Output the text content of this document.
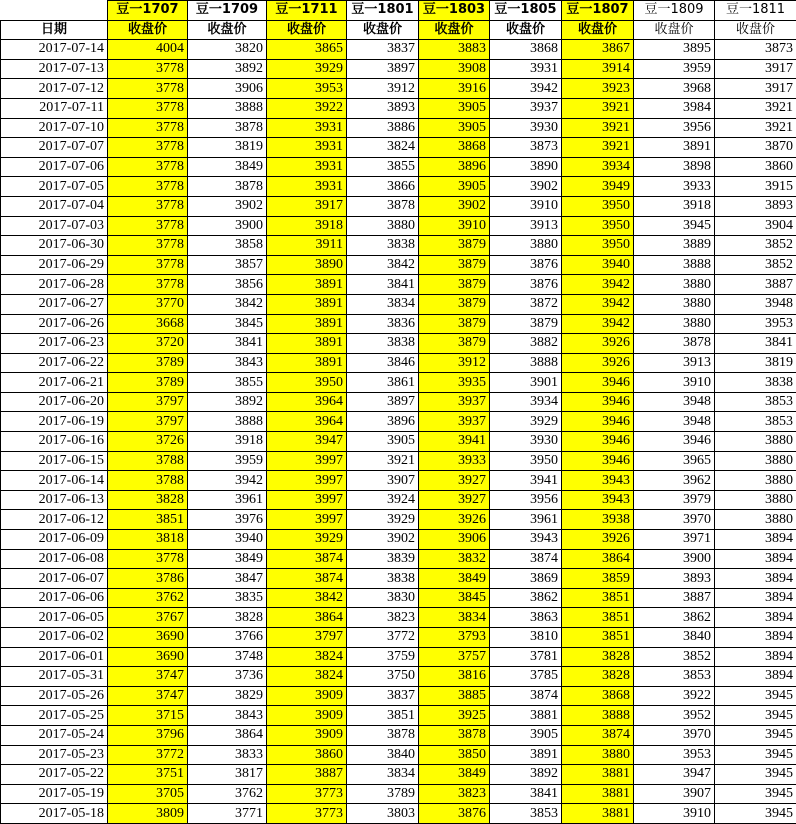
	豆一1707	豆一1709	豆一1711	豆一1801	豆一1803	豆一1805	豆一1807	豆一1809	豆一1811
日期	收盘价	收盘价	收盘价	收盘价	收盘价	收盘价	收盘价	收盘价	收盘价
2017-07-14	4004	3820	3865	3837	3883	3868	3867	3895	3873
2017-07-13	3778	3892	3929	3897	3908	3931	3914	3959	3917
2017-07-12	3778	3906	3953	3912	3916	3942	3923	3968	3917
2017-07-11	3778	3888	3922	3893	3905	3937	3921	3984	3921
2017-07-10	3778	3878	3931	3886	3905	3930	3921	3956	3921
2017-07-07	3778	3819	3931	3824	3868	3873	3921	3891	3870
2017-07-06	3778	3849	3931	3855	3896	3890	3934	3898	3860
2017-07-05	3778	3878	3931	3866	3905	3902	3949	3933	3915
2017-07-04	3778	3902	3917	3878	3902	3910	3950	3918	3893
2017-07-03	3778	3900	3918	3880	3910	3913	3950	3945	3904
2017-06-30	3778	3858	3911	3838	3879	3880	3950	3889	3852
2017-06-29	3778	3857	3890	3842	3879	3876	3940	3888	3852
2017-06-28	3778	3856	3891	3841	3879	3876	3942	3880	3887
2017-06-27	3770	3842	3891	3834	3879	3872	3942	3880	3948
2017-06-26	3668	3845	3891	3836	3879	3879	3942	3880	3953
2017-06-23	3720	3841	3891	3838	3879	3882	3926	3878	3841
2017-06-22	3789	3843	3891	3846	3912	3888	3926	3913	3819
2017-06-21	3789	3855	3950	3861	3935	3901	3946	3910	3838
2017-06-20	3797	3892	3964	3897	3937	3934	3946	3948	3853
2017-06-19	3797	3888	3964	3896	3937	3929	3946	3948	3853
2017-06-16	3726	3918	3947	3905	3941	3930	3946	3946	3880
2017-06-15	3788	3959	3997	3921	3933	3950	3946	3965	3880
2017-06-14	3788	3942	3997	3907	3927	3941	3943	3962	3880
2017-06-13	3828	3961	3997	3924	3927	3956	3943	3979	3880
2017-06-12	3851	3976	3997	3929	3926	3961	3938	3970	3880
2017-06-09	3818	3940	3929	3902	3906	3943	3926	3971	3894
2017-06-08	3778	3849	3874	3839	3832	3874	3864	3900	3894
2017-06-07	3786	3847	3874	3838	3849	3869	3859	3893	3894
2017-06-06	3762	3835	3842	3830	3845	3862	3851	3887	3894
2017-06-05	3767	3828	3864	3823	3834	3863	3851	3862	3894
2017-06-02	3690	3766	3797	3772	3793	3810	3851	3840	3894
2017-06-01	3690	3748	3824	3759	3757	3781	3828	3852	3894
2017-05-31	3747	3736	3824	3750	3816	3785	3828	3853	3894
2017-05-26	3747	3829	3909	3837	3885	3874	3868	3922	3945
2017-05-25	3715	3843	3909	3851	3925	3881	3888	3952	3945
2017-05-24	3796	3864	3909	3878	3878	3905	3874	3970	3945
2017-05-23	3772	3833	3860	3840	3850	3891	3880	3953	3945
2017-05-22	3751	3817	3887	3834	3849	3892	3881	3947	3945
2017-05-19	3705	3762	3773	3789	3823	3841	3881	3907	3945
2017-05-18	3809	3771	3773	3803	3876	3853	3881	3910	3945
